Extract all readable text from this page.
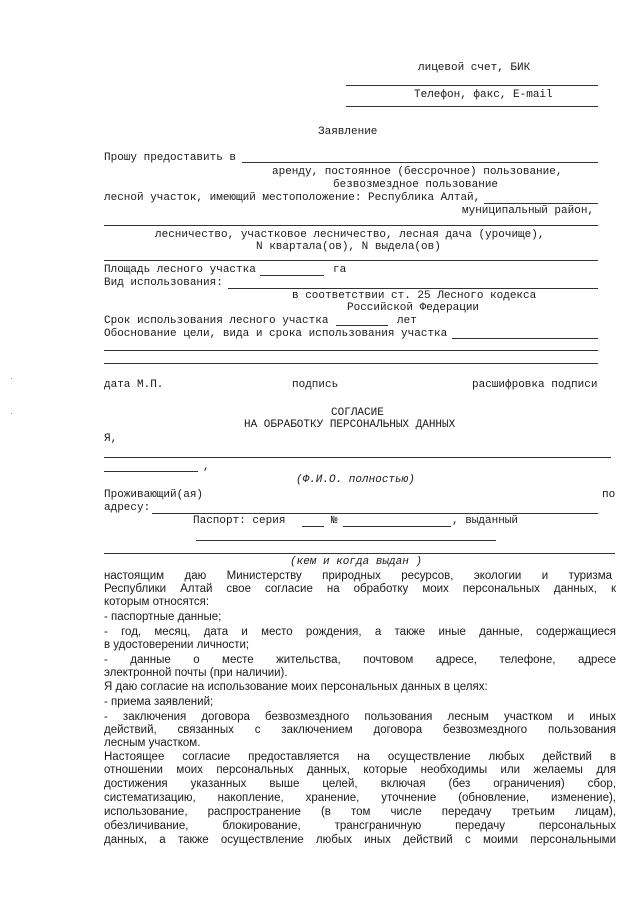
лицевой счет, БИК
Телефон, факс, E-mail
Заявление
Прошу предоставить в
аренду, постоянное (бессрочное) пользование,
безвозмездное пользование
лесной участок, имеющий местоположение: Республика Алтай,
муниципальный район,
лесничество, участковое лесничество, лесная дача (урочище),
N квартала(ов), N выдела(ов)
Площадь лесного участка	га
Вид использования:
в соответствии ст. 25 Лесного кодекса
Российской Федерации
Срок использования лесного участка	лет
Обоснование цели, вида и срока использования участка
дата М.П.	подпись	расшифровка подписи
СОГЛАСИЕ
НА ОБРАБОТКУ ПЕРСОНАЛЬНЫХ ДАННЫХ
Я,
,
(Ф.И.О. полностью)
Проживающий(ая)	по
адресу:
Паспорт: серия	№	, выданный
(кем и когда выдан )
настоящим даю Министерству природных ресурсов, экологии и туризма
Республики Алтай свое согласие на обработку моих персональных данных, к
которым относятся:
- паспортные данные;
- год, месяц, дата и место рождения, а также иные данные, содержащиеся
в удостоверении личности;
- данные о месте жительства, почтовом адресе, телефоне, адресе
электронной почты (при наличии).
Я даю согласие на использование моих персональных данных в целях:
- приема заявлений;
- заключения договора безвозмездного пользования лесным участком и иных
действий, связанных с заключением договора безвозмездного пользования
лесным участком.
Настоящее согласие предоставляется на осуществление любых действий в
отношении моих персональных данных, которые необходимы или желаемы для
достижения указанных выше целей, включая (без ограничения) сбор,
систематизацию, накопление, хранение, уточнение (обновление, изменение),
использование, распространение (в том числе передачу третьим лицам),
обезличивание, блокирование, трансграничную передачу персональных
данных, а также осуществление любых иных действий с моими персональными
